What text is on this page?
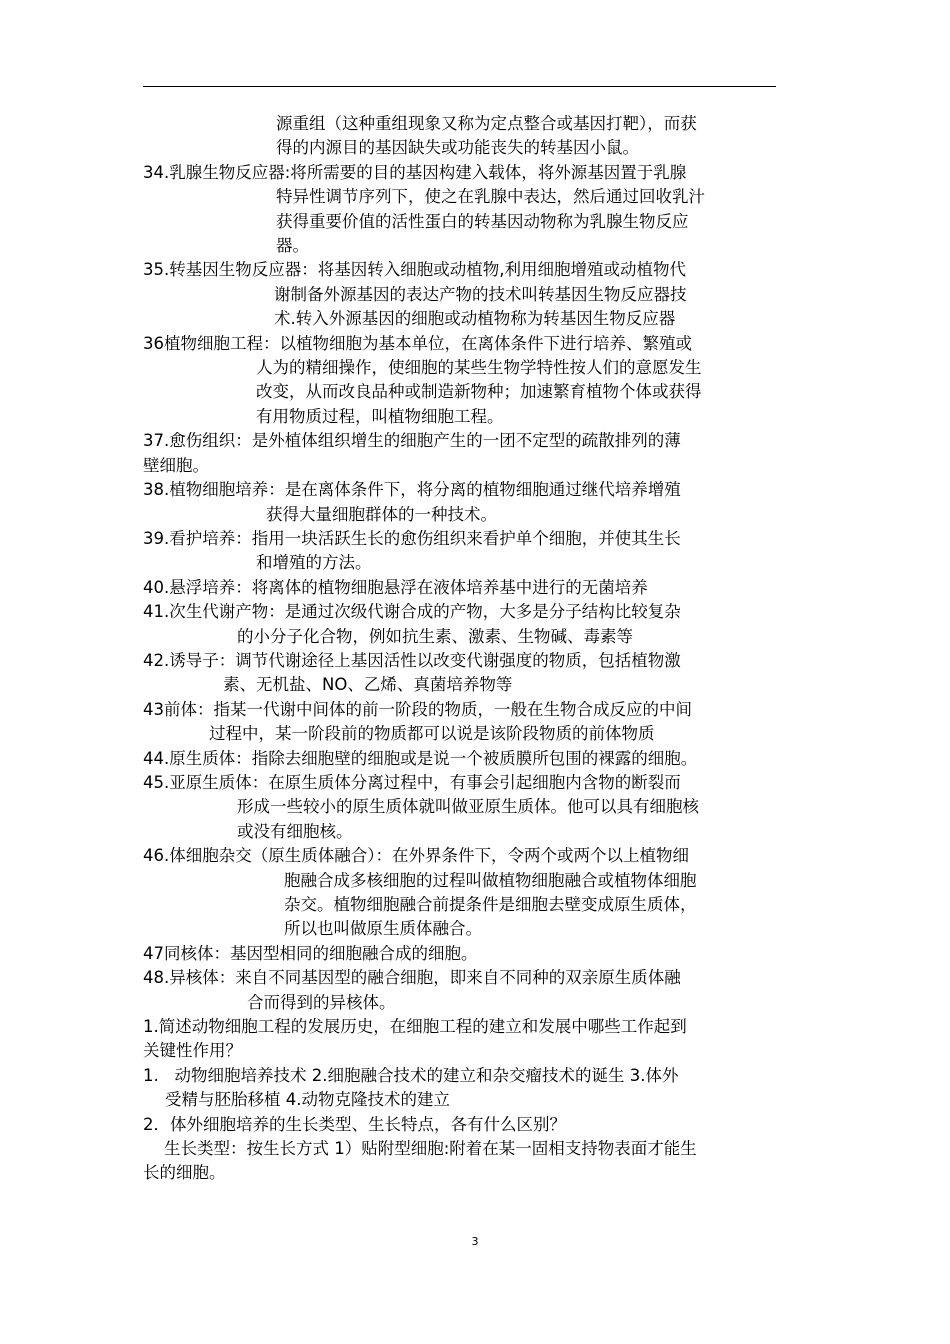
源重组（这种重组现象又称为定点整合或基因打靶），而获

得的内源目的基因缺失或功能丧失的转基因小鼠。

34.乳腺生物反应器:将所需要的目的基因构建入载体，将外源基因置于乳腺

特异性调节序列下，使之在乳腺中表达，然后通过回收乳汁

获得重要价值的活性蛋白的转基因动物称为乳腺生物反应

器。

35.转基因生物反应器：将基因转入细胞或动植物,利用细胞增殖或动植物代

谢制备外源基因的表达产物的技术叫转基因生物反应器技

术.转入外源基因的细胞或动植物称为转基因生物反应器

36植物细胞工程：以植物细胞为基本单位，在离体条件下进行培养、繁殖或

人为的精细操作，使细胞的某些生物学特性按人们的意愿发生

改变，从而改良品种或制造新物种；加速繁育植物个体或获得

有用物质过程，叫植物细胞工程。

37.愈伤组织：是外植体组织增生的细胞产生的一团不定型的疏散排列的薄

壁细胞。

38.植物细胞培养：是在离体条件下，将分离的植物细胞通过继代培养增殖

获得大量细胞群体的一种技术。

39.看护培养：指用一块活跃生长的愈伤组织来看护单个细胞，并使其生长

和增殖的方法。

40.悬浮培养：将离体的植物细胞悬浮在液体培养基中进行的无菌培养

41.次生代谢产物：是通过次级代谢合成的产物，大多是分子结构比较复杂

的小分子化合物，例如抗生素、激素、生物碱、毒素等

42.诱导子：调节代谢途径上基因活性以改变代谢强度的物质，包括植物激

素、无机盐、NO、乙烯、真菌培养物等

43前体：指某一代谢中间体的前一阶段的物质，一般在生物合成反应的中间

过程中，某一阶段前的物质都可以说是该阶段物质的前体物质

44.原生质体：指除去细胞壁的细胞或是说一个被质膜所包围的裸露的细胞。

45.亚原生质体：在原生质体分离过程中，有事会引起细胞内含物的断裂而

形成一些较小的原生质体就叫做亚原生质体。他可以具有细胞核

或没有细胞核。

46.体细胞杂交（原生质体融合）：在外界条件下，令两个或两个以上植物细

胞融合成多核细胞的过程叫做植物细胞融合或植物体细胞

杂交。植物细胞融合前提条件是细胞去壁变成原生质体，

所以也叫做原生质体融合。

47同核体：基因型相同的细胞融合成的细胞。

48.异核体：来自不同基因型的融合细胞，即来自不同种的双亲原生质体融

合而得到的异核体。

1.简述动物细胞工程的发展历史，在细胞工程的建立和发展中哪些工作起到

关键性作用？

1.   动物细胞培养技术 2.细胞融合技术的建立和杂交瘤技术的诞生 3.体外

受精与胚胎移植 4.动物克隆技术的建立

2．体外细胞培养的生长类型、生长特点，各有什么区别？

生长类型：按生长方式 1）贴附型细胞:附着在某一固相支持物表面才能生

长的细胞。

3
